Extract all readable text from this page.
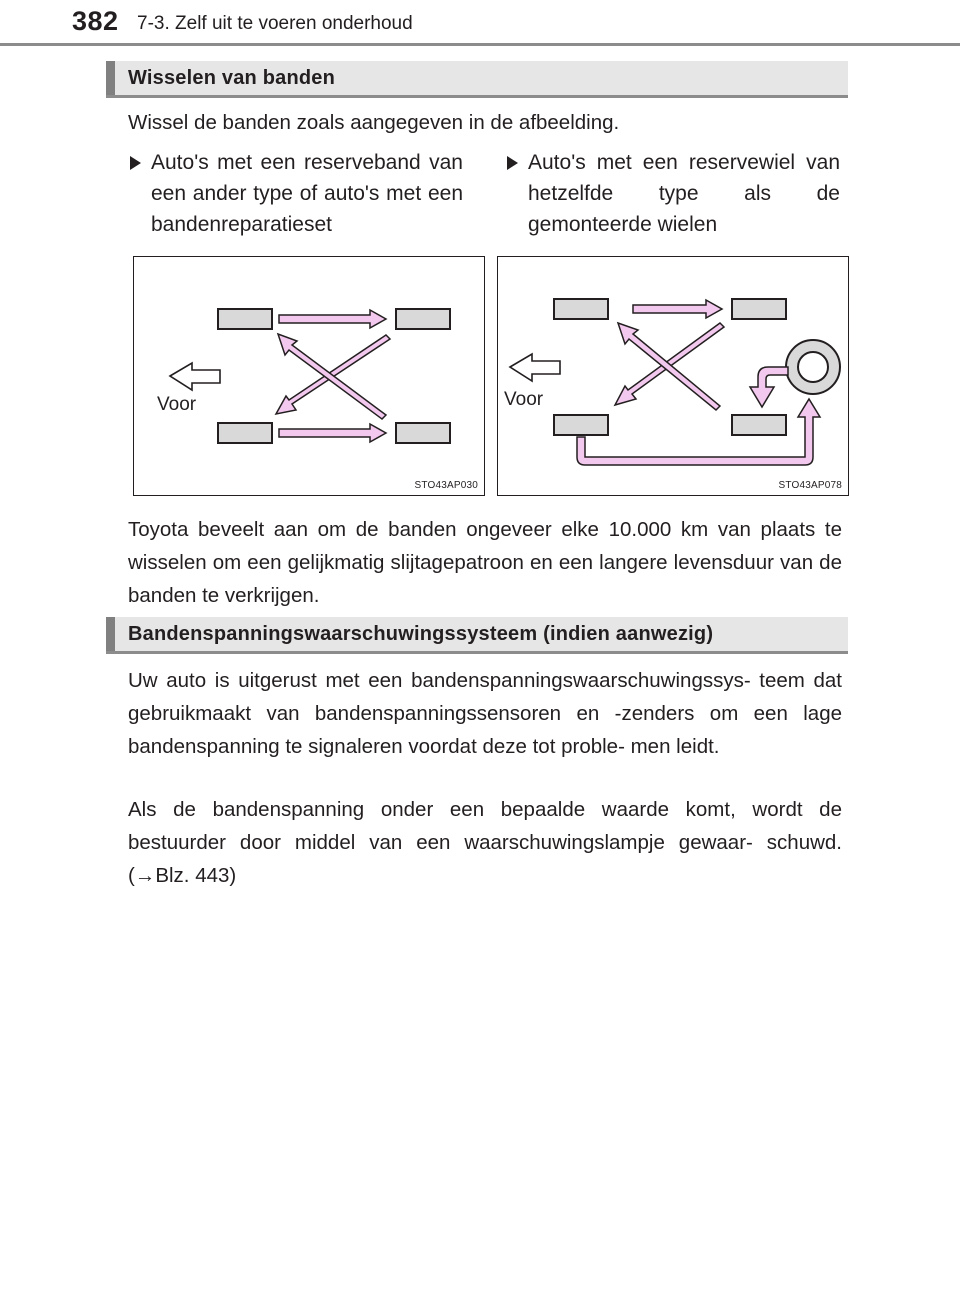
382 7-3. Zelf uit te voeren onderhoud
Wisselen van banden
Wissel de banden zoals aangegeven in de afbeelding.
Auto's met een reserveband van een ander type of auto's met een bandenreparatieset
Auto's met een reservewiel van hetzelfde type als de gemonteerde wielen
Voor
STO43AP030
Voor
STO43AP078
Toyota beveelt aan om de banden ongeveer elke 10.000 km van plaats te wisselen om een gelijkmatig slijtagepatroon en een langere levensduur van de banden te verkrijgen.
Bandenspanningswaarschuwingssysteem (indien aanwezig)
Uw auto is uitgerust met een bandenspanningswaarschuwingssys- teem dat gebruikmaakt van bandenspanningssensoren en -zenders om een lage bandenspanning te signaleren voordat deze tot proble- men leidt.
Als de bandenspanning onder een bepaalde waarde komt, wordt de bestuurder door middel van een waarschuwingslampje gewaar- schuwd. (→Blz. 443)
